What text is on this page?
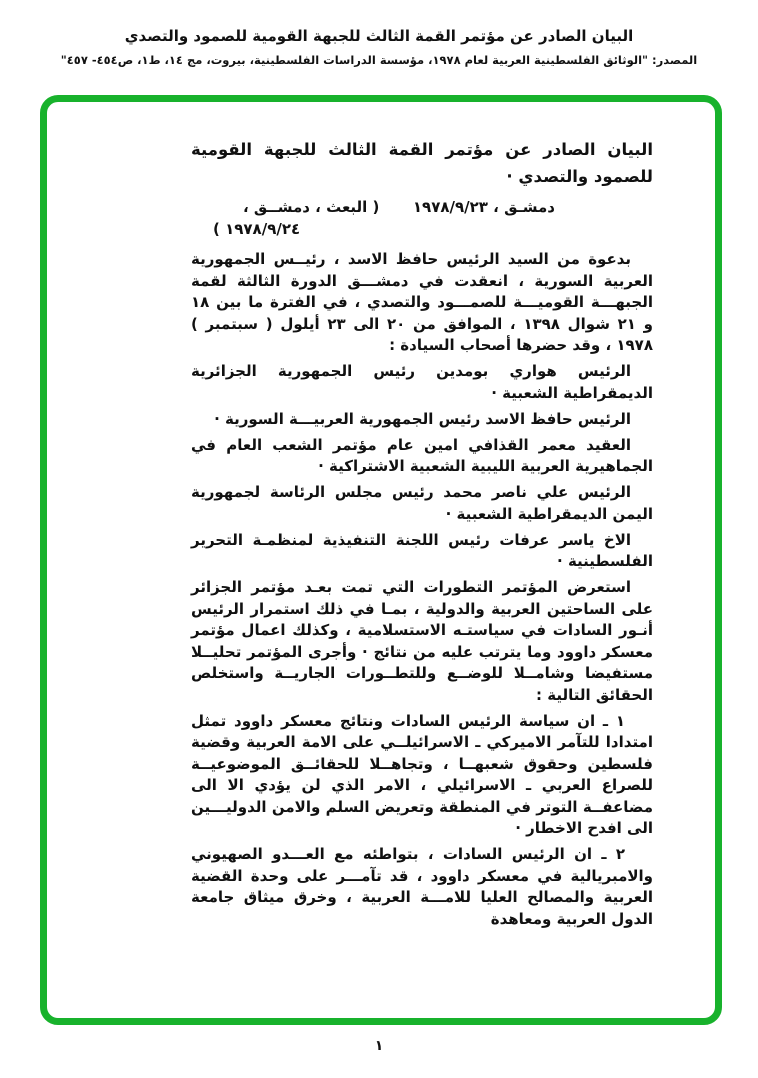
البيان الصادر عن مؤتمر القمة الثالث للجبهة القومية للصمود والتصدي
المصدر: "الوثائق الفلسطينية العربية لعام ١٩٧٨، مؤسسة الدراسات الفلسطينية، بيروت، مج ١٤، ط١، ص٤٥٤- ٤٥٧"
البيان الصادر عن مؤتمر القمة الثالث للجبهة القومية للصمود والتصدي ·
دمشـق ، ٢٣/‏٩/‏١٩٧٨
( البعث ، دمشــق ،
٢٤/‏٩/‏١٩٧٨ )

بدعوة من السيد الرئيس حافظ الاسد ، رئيــس الجمهورية العربية السورية ، انعقدت في دمشـــق الدورة الثالثة لقمة الجبهـــة القوميـــة للصمـــود والتصدي ، في الفترة ما بين ١٨ و ٢١ شوال ١٣٩٨ ، الموافق من ٢٠ الى ٢٣ أيلول ( سبتمبر ) ١٩٧٨ ، وقد حضرها أصحاب السيادة :

الرئيس هواري بومدين رئيس الجمهورية الجزائرية الديمقراطية الشعبية ·

الرئيس حافظ الاسد رئيس الجمهورية العربيـــة السورية ·

العقيد معمر القذافي امين عام مؤتمر الشعب العام في الجماهيرية العربية الليبية الشعبية الاشتراكية ·

الرئيس علي ناصر محمد رئيس مجلس الرئاسة لجمهورية اليمن الديمقراطية الشعبية ·

الاخ ياسر عرفات رئيس اللجنة التنفيذية لمنظمـة التحرير الفلسطينية ·

استعرض المؤتمر التطورات التي تمت بعـد مؤتمر الجزائر على الساحتين العربية والدولية ، بمـا في ذلك استمرار الرئيس أنـور السادات في سياستـه الاستسلامية ، وكذلك اعمال مؤتمر معسكر داوود وما يترتب عليه من نتائج · وأجرى المؤتمر تحليــلا مستفيضا وشامــلا للوضــع وللتطــورات الجاريــة واستخلص الحقائق التالية :

١ ـ ان سياسة الرئيس السادات ونتائج معسكر داوود تمثل امتدادا للتآمر الاميركي ـ الاسرائيلــي على الامة العربية وقضية فلسطين وحقوق شعبهــا ، وتجاهــلا للحقائــق الموضوعيــة للصراع العربي ـ الاسرائيلي ، الامر الذي لن يؤدي الا الى مضاعفــة التوتر في المنطقة وتعريض السلم والامن الدوليـــين الى افدح الاخطار ·

٢ ـ ان الرئيس السادات ، بتواطئه مع العـــدو الصهيوني والامبريالية في معسكر داوود ، قد تآمـــر على وحدة القضية العربية والمصالح العليا للامـــة العربية ، وخرق ميثاق جامعة الدول العربية ومعاهدة

١
